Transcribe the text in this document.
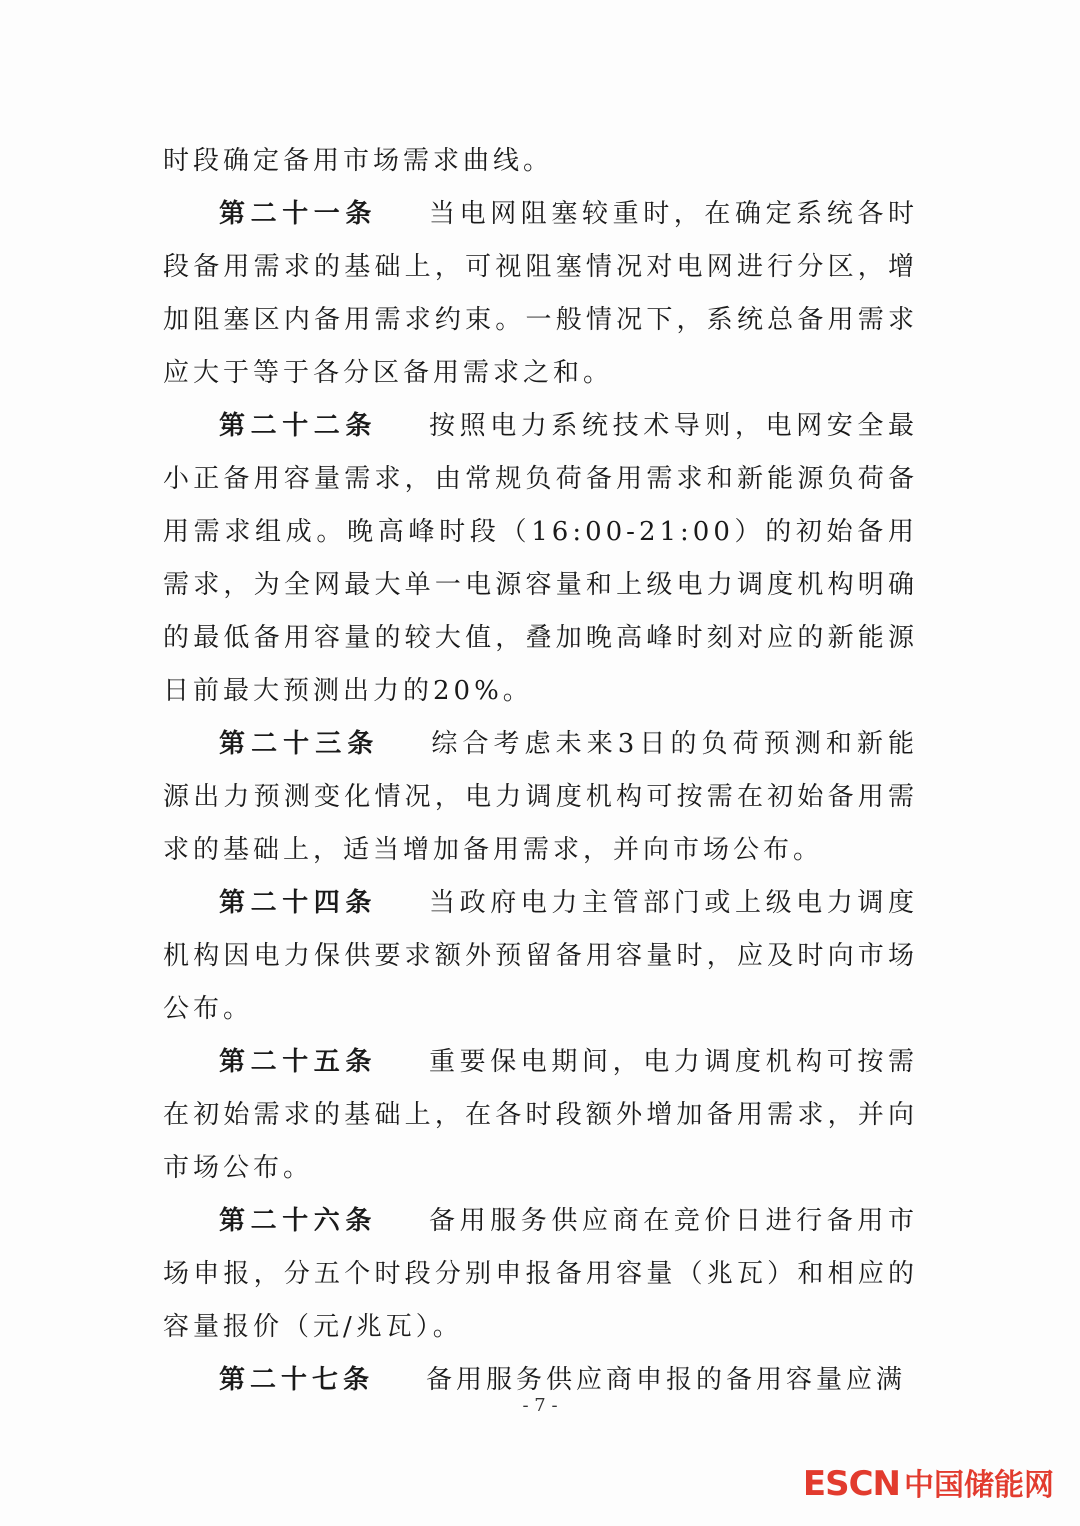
时段确定备用市场需求曲线。

第二十一条 当电网阻塞较重时，在确定系统各时段备用需求的基础上，可视阻塞情况对电网进行分区，增加阻塞区内备用需求约束。一般情况下，系统总备用需求应大于等于各分区备用需求之和。

第二十二条 按照电力系统技术导则，电网安全最小正备用容量需求，由常规负荷备用需求和新能源负荷备用需求组成。晚高峰时段（16:00-21:00）的初始备用需求，为全网最大单一电源容量和上级电力调度机构明确的最低备用容量的较大值，叠加晚高峰时刻对应的新能源日前最大预测出力的20%。

第二十三条 综合考虑未来3日的负荷预测和新能源出力预测变化情况，电力调度机构可按需在初始备用需求的基础上，适当增加备用需求，并向市场公布。

第二十四条 当政府电力主管部门或上级电力调度机构因电力保供要求额外预留备用容量时，应及时向市场公布。

第二十五条 重要保电期间，电力调度机构可按需在初始需求的基础上，在各时段额外增加备用需求，并向市场公布。

第二十六条 备用服务供应商在竞价日进行备用市场申报，分五个时段分别申报备用容量（兆瓦）和相应的容量报价（元/兆瓦）。

第二十七条 备用服务供应商申报的备用容量应满

- 7 -
ESCN 中国储能网
